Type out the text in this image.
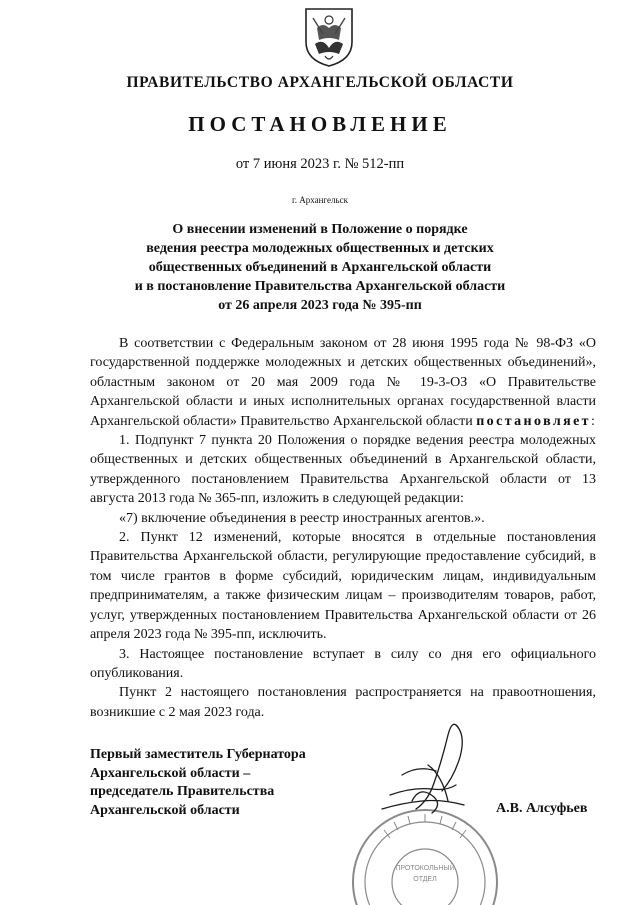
ПРАВИТЕЛЬСТВО АРХАНГЕЛЬСКОЙ ОБЛАСТИ
ПОСТАНОВЛЕНИЕ
от 7 июня 2023 г. № 512-пп
г. Архангельск
О внесении изменений в Положение о порядке
ведения реестра молодежных общественных и детских
общественных объединений в Архангельской области
и в постановление Правительства Архангельской области
от 26 апреля 2023 года № 395-пп

В соответствии с Федеральным законом от 28 июня 1995 года № 98-ФЗ «О государственной поддержке молодежных и детских общественных объединений», областным законом от 20 мая 2009 года № 19-3-ОЗ «О Правительстве Архангельской области и иных исполнительных органах государственной власти Архангельской области» Правительство Архангельской области постановляет:

1. Подпункт 7 пункта 20 Положения о порядке ведения реестра молодежных общественных и детских общественных объединений в Архангельской области, утвержденного постановлением Правительства Архангельской области от 13 августа 2013 года № 365-пп, изложить в следующей редакции:

«7) включение объединения в реестр иностранных агентов.».

2. Пункт 12 изменений, которые вносятся в отдельные постановления Правительства Архангельской области, регулирующие предоставление субсидий, в том числе грантов в форме субсидий, юридическим лицам, индивидуальным предпринимателям, а также физическим лицам – производителям товаров, работ, услуг, утвержденных постановлением Правительства Архангельской области от 26 апреля 2023 года № 395-пп, исключить.

3. Настоящее постановление вступает в силу со дня его официального опубликования.

Пункт 2 настоящего постановления распространяется на правоотношения, возникшие с 2 мая 2023 года.

Первый заместитель Губернатора
Архангельской области –
председатель Правительства
Архангельской области
ПРОТОКОЛЬНЫЙ
ОТДЕЛ
А.В. Алсуфьев
